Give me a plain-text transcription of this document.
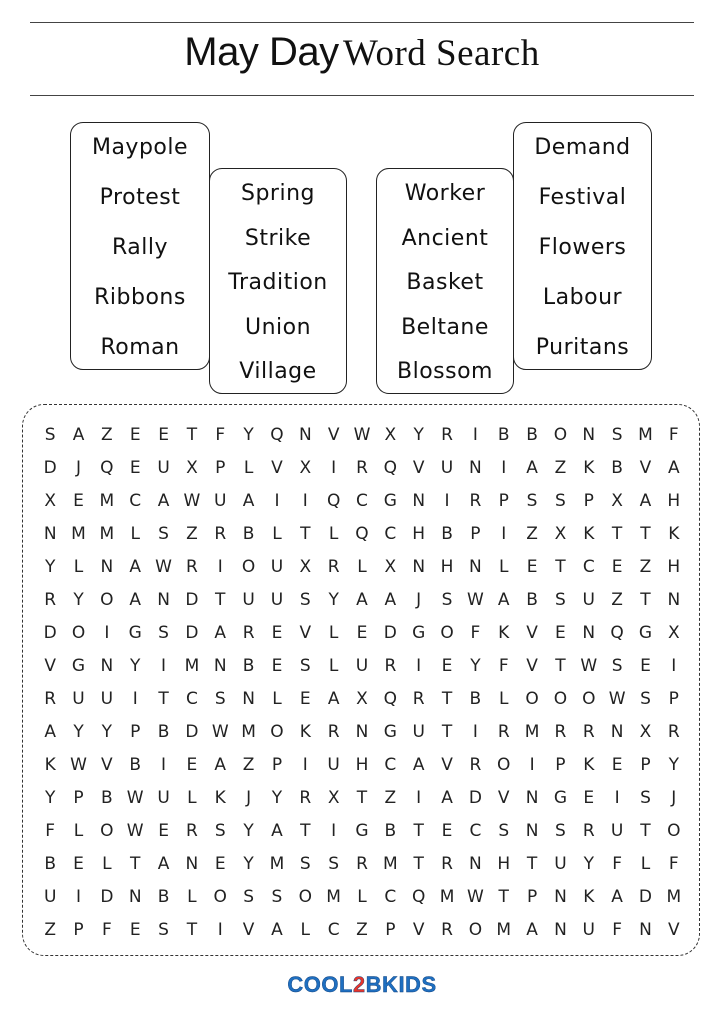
May Day Word Search
Maypole
Protest
Rally
Ribbons
Roman
Spring
Strike
Tradition
Union
Village
Worker
Ancient
Basket
Beltane
Blossom
Demand
Festival
Flowers
Labour
Puritans
S	A Z	E	E	T	F	Y Q N V W X	Y	R	I	B B O N S M F
D	J	Q E U X	P	L	V X	I	R Q V U N	I	A Z K B V A
X	E M C A W U A	I	I	Q C G N	I	R	P	S	S	P	X A H
N M M L	S	Z R B	L	T	L Q C H B	P	I	Z X K	T	T	K
Y	L	N A W R	I	O U X R	L	X N H N	L	E	T	C	E	Z H
R	Y O A N D T U U S	Y	A A	J	S W A B	S U Z	T N
D O	I	G S D A R	E	V	L	E D G O F	K V	E N Q G X
V G N Y	I	M N B	E	S	L	U R	I	E	Y	F	V	T W S	E	I
R U U	I	T	C	S N	L	E	A X Q R	T	B	L O O O W S	P
A	Y	Y	P	B D W M O K R N G U T	I	R M R R N X R
K W V B	I	E	A Z	P	I	U H C A V R O	I	P	K	E	P	Y
Y	P	B W U	L	K	J	Y	R X	T	Z	I	A D V N G E	I	S	J
F	L O W E	R	S	Y	A	T	I	G B	T	E	C	S N S	R U T O
B	E	L	T	A N E	Y M S	S	R M T	R N H T U Y	F	L	F
U	I	D N B	L O S	S O M L	C Q M W T	P N K A D M
Z	P	F	E	S	T	I	V A	L	C Z	P	V R O M A N U	F	N V
COOL2BKIDS
